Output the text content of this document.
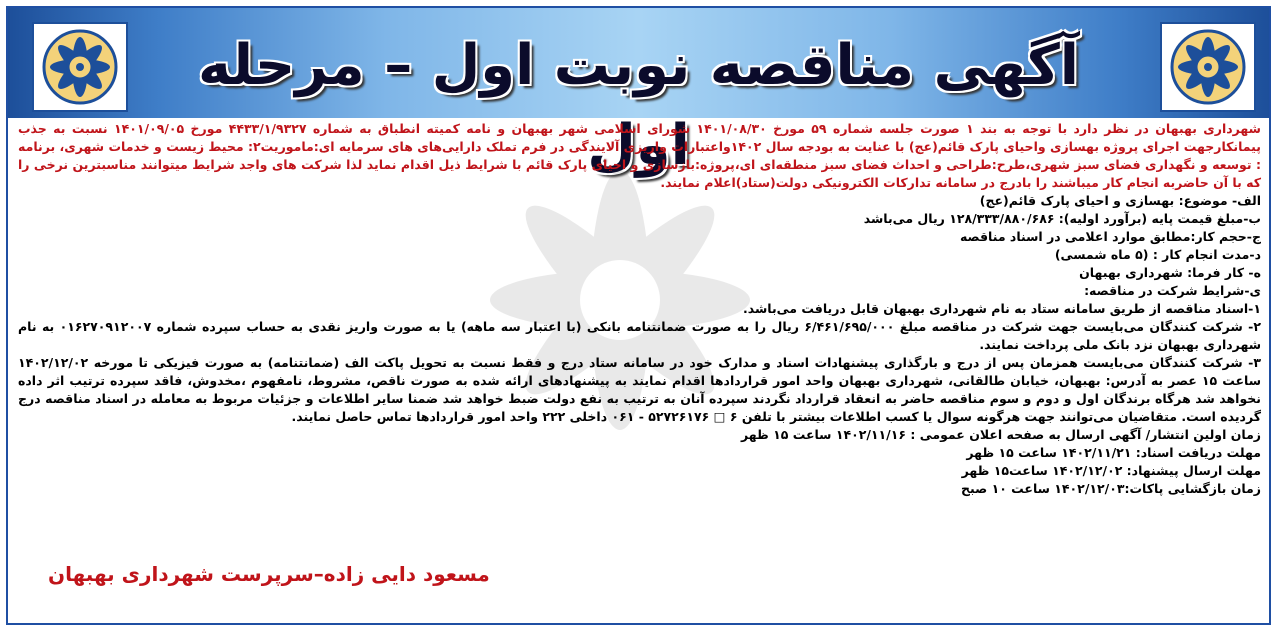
آگهی مناقصه نوبت اول – مرحله اول
شهرداری بهبهان در نظر دارد با توجه به بند ۱ صورت جلسه شماره ۵۹ مورخ ۱۴۰۱/۰۸/۳۰ شورای اسلامی شهر بهبهان و نامه کمیته انطباق به شماره ۴۴۳۳/۱/۹۳۲۷ مورخ ۱۴۰۱/۰۹/۰۵ نسبت به جذب پیمانکارجهت اجرای پروژه بهسازی واحیای پارک قائم(عج) با عنایت به بودجه سال ۱۴۰۲واعتبارات واریزی آلایندگی در فرم تملک دارایی‌های های سرمایه ای:ماموریت۲: محیط زیست و خدمات شهری، برنامه : توسعه و نگهداری فضای سبز شهری،طرح:طراحی و احداث فضای سبز منطقه‌ای ای،پروژه:بازسازی و احیای پارک قائم با شرایط ذیل اقدام نماید لذا شرکت های واجد شرایط میتوانند مناسبترین نرخی را که با آن حاضربه انجام کار میباشند را بادرج در سامانه تدارکات الکترونیکی دولت(ستاد)اعلام نمایند.
الف- موضوع: بهسازی و احیای پارک قائم(عج)
ب-مبلغ قیمت پایه (برآورد اولیه): ۱۲۸/۳۳۳/۸۸۰/۶۸۶ ریال می‌باشد
ج-حجم کار:مطابق موارد اعلامی در اسناد مناقصه
د-مدت انجام کار : (۵ ماه شمسی)
ه- کار فرما: شهرداری بهبهان
ی-شرایط شرکت در مناقصه:
۱-اسناد مناقصه از طریق سامانه ستاد به نام شهرداری بهبهان قابل دریافت می‌باشد.
۲- شرکت کنندگان می‌بایست جهت شرکت در مناقصه مبلغ ۶/۴۶۱/۶۹۵/۰۰۰ ریال را به صورت ضمانتنامه بانکی (با اعتبار سه ماهه) یا به صورت واریز نقدی به حساب سپرده شماره ۰۱۶۲۷۰۹۱۲۰۰۷ به نام شهرداری بهبهان نزد بانک ملی پرداخت نمایند.
۳- شرکت کنندگان می‌بایست همزمان پس از درج و بارگذاری پیشنهادات اسناد و مدارک خود در سامانه ستاد درج و فقط نسبت به تحویل پاکت الف (ضمانتنامه) به صورت فیزیکی تا مورخه ۱۴۰۲/۱۲/۰۲ ساعت ۱۵ عصر به آدرس: بهبهان، خیابان طالقانی، شهرداری بهبهان واحد امور قراردادها اقدام نمایند به پیشنهادهای ارائه شده به صورت ناقص، مشروط، نامفهوم ،مخدوش، فاقد سپرده ترتیب اثر داده نخواهد شد هرگاه برندگان اول و دوم و سوم مناقصه حاضر به انعقاد قرارداد نگردند سپرده آنان به ترتیب به نفع دولت ضبط خواهد شد ضمنا سایر اطلاعات و جزئیات مربوط به معامله در اسناد مناقصه درج گردیده است. متقاضیان می‌توانند جهت هرگونه سوال یا کسب اطلاعات بیشتر با تلفن ۶ □ ۵۲۷۲۶۱۷۶ - ۰۶۱ داخلی ۲۲۲ واحد امور قراردادها تماس حاصل نمایند.
زمان اولین انتشار/ آگهی ارسال به صفحه اعلان عمومی : ۱۴۰۲/۱۱/۱۶ ساعت ۱۵ ظهر
مهلت دریافت اسناد: ۱۴۰۲/۱۱/۲۱ ساعت ۱۵ ظهر
مهلت ارسال پیشنهاد: ۱۴۰۲/۱۲/۰۲ ساعت۱۵ ظهر
زمان بازگشایی پاکات:۱۴۰۲/۱۲/۰۳ ساعت ۱۰ صبح
مسعود دایی زاده–سرپرست شهرداری بهبهان
